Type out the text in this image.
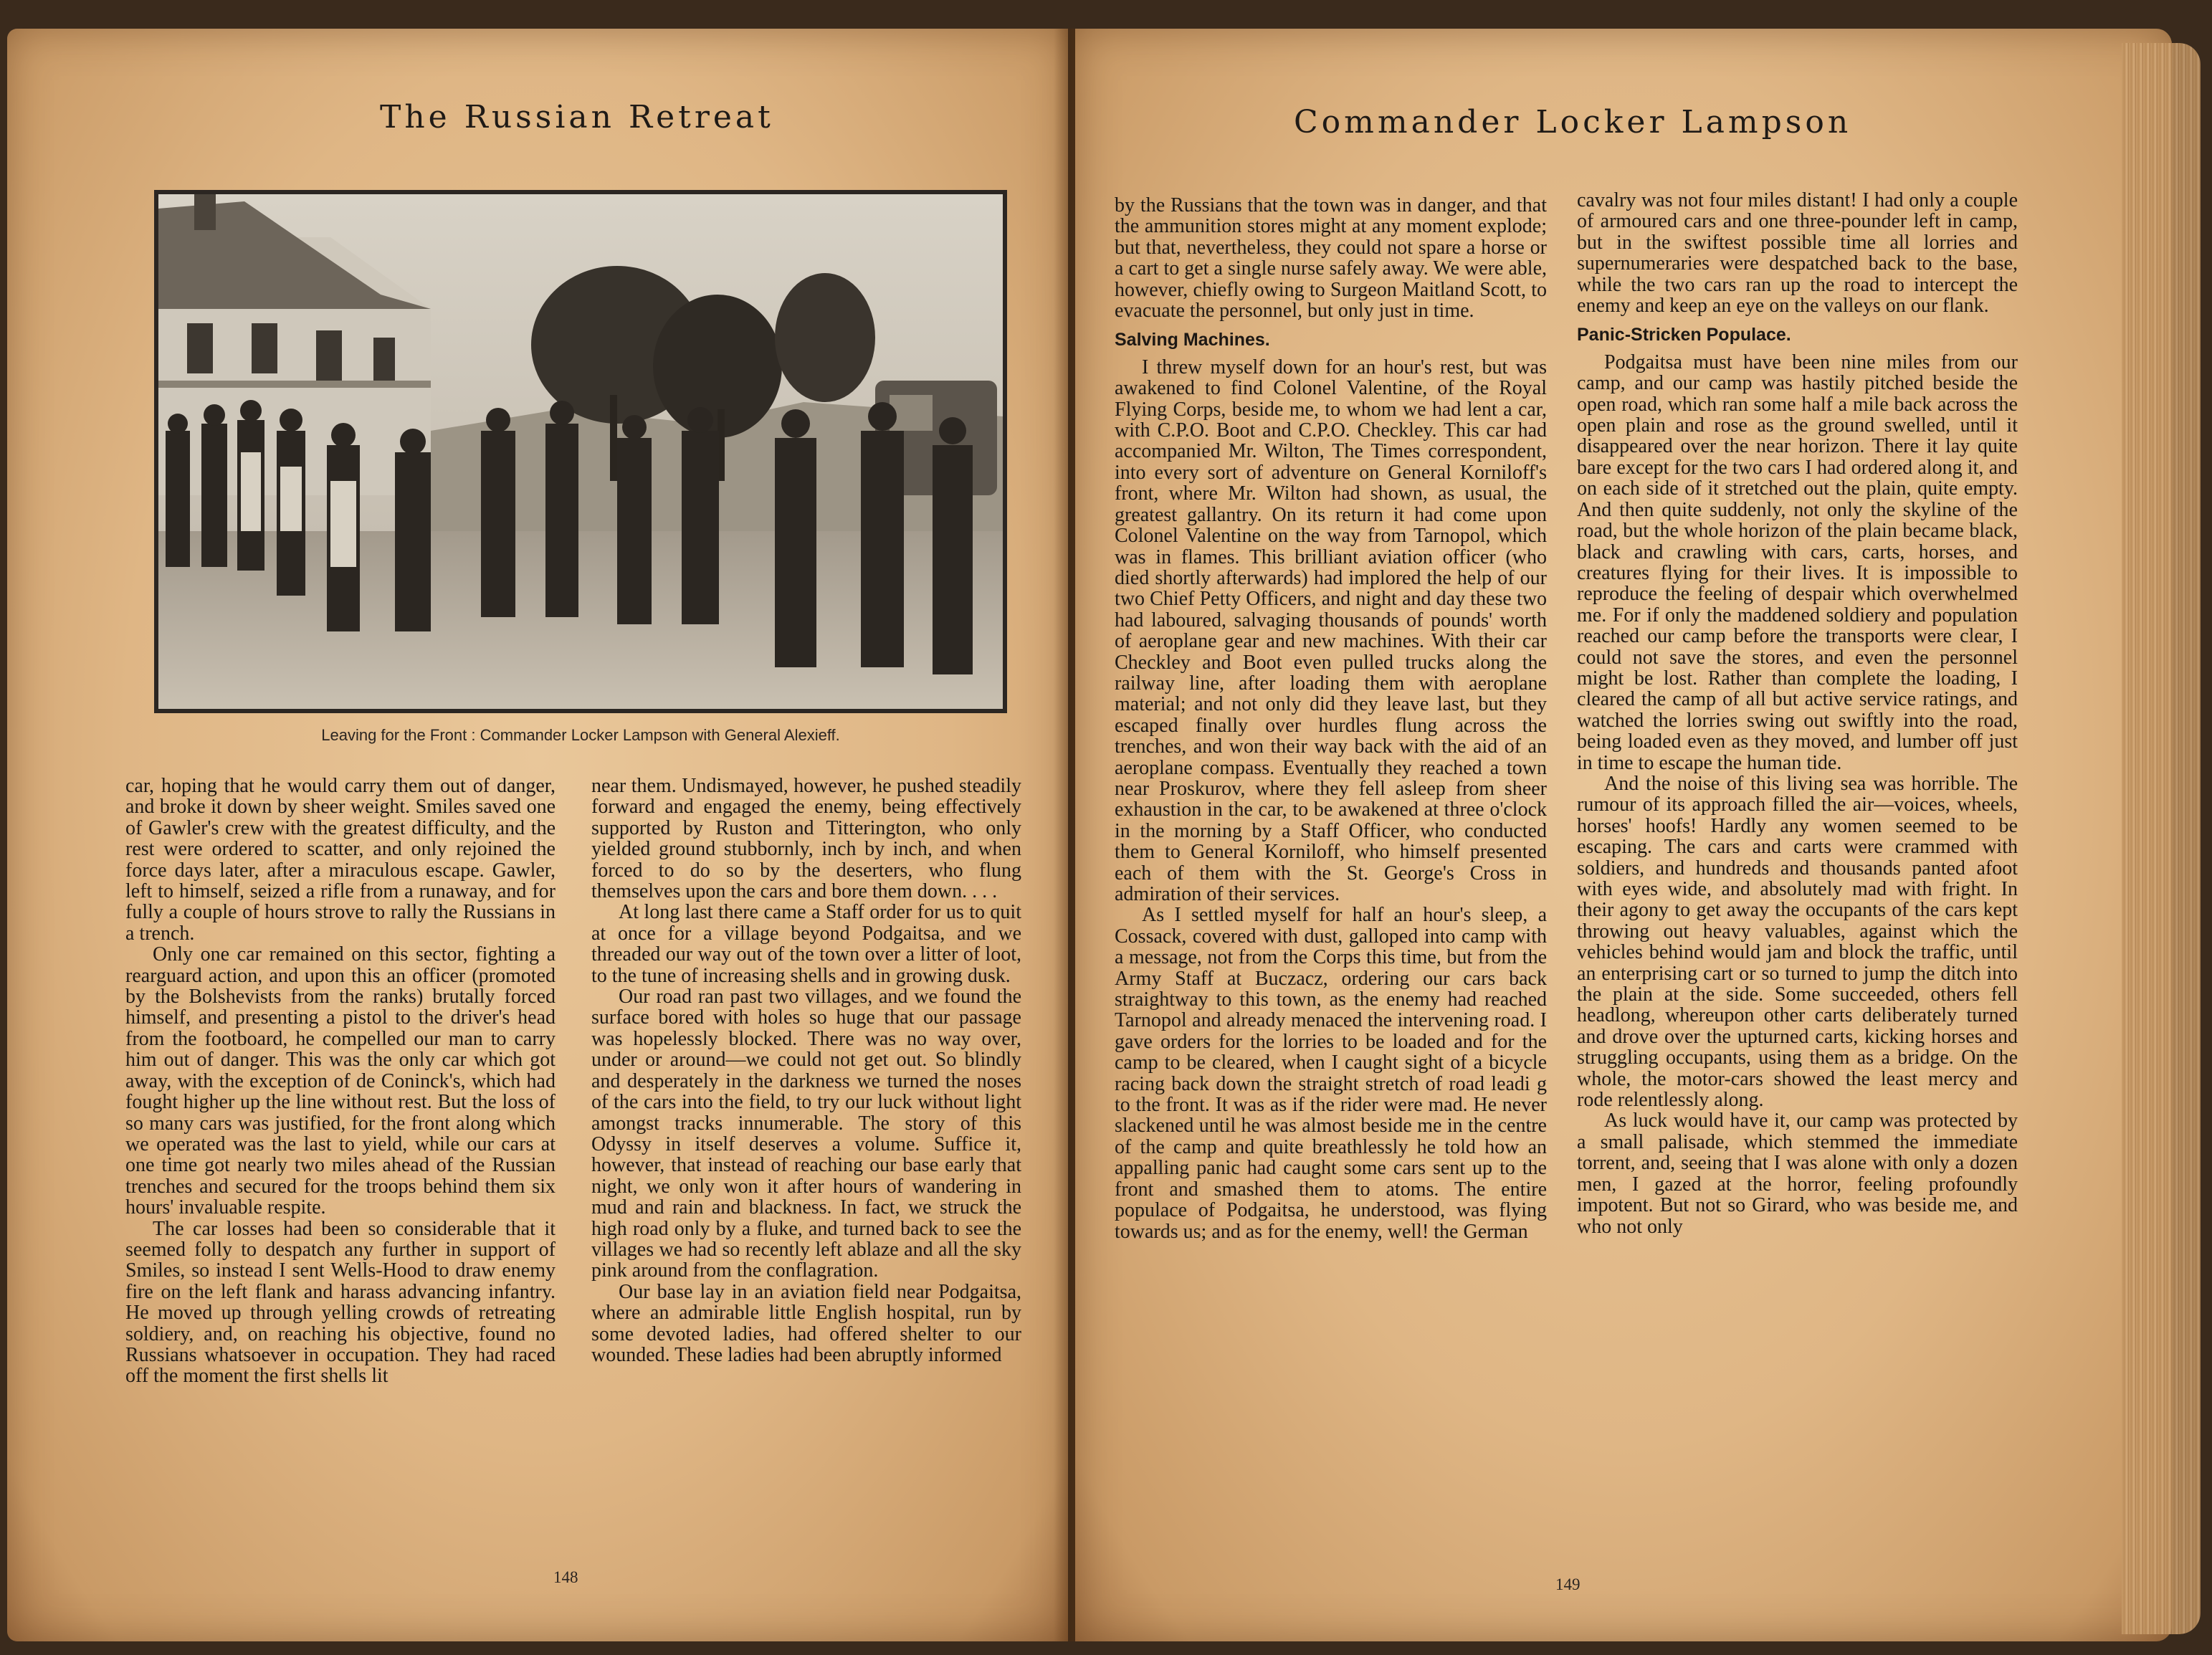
The Russian Retreat
Leaving for the Front : Commander Locker Lampson with General Alexieff.

car, hoping that he would carry them out of danger, and broke it down by sheer weight. Smiles saved one of Gawler's crew with the greatest difficulty, and the rest were ordered to scatter, and only rejoined the force days later, after a miraculous escape. Gawler, left to himself, seized a rifle from a runaway, and for fully a couple of hours strove to rally the Russians in a trench.

Only one car remained on this sector, fighting a rearguard action, and upon this an officer (promoted by the Bolshevists from the ranks) brutally forced himself, and presenting a pistol to the driver's head from the footboard, he compelled our man to carry him out of danger. This was the only car which got away, with the exception of de Coninck's, which had fought higher up the line without rest. But the loss of so many cars was justified, for the front along which we operated was the last to yield, while our cars at one time got nearly two miles ahead of the Russian trenches and secured for the troops behind them six hours' invaluable respite.

The car losses had been so considerable that it seemed folly to despatch any further in support of Smiles, so instead I sent Wells-Hood to draw enemy fire on the left flank and harass advancing infantry. He moved up through yelling crowds of retreating soldiery, and, on reaching his objective, found no Russians whatsoever in occupation. They had raced off the moment the first shells lit

near them. Undismayed, however, he pushed steadily forward and engaged the enemy, being effectively supported by Ruston and Titterington, who only yielded ground stubbornly, inch by inch, and when forced to do so by the deserters, who flung themselves upon the cars and bore them down. . . .

At long last there came a Staff order for us to quit at once for a village beyond Podgaitsa, and we threaded our way out of the town over a litter of loot, to the tune of increasing shells and in growing dusk.

Our road ran past two villages, and we found the surface bored with holes so huge that our passage was hopelessly blocked. There was no way over, under or around—we could not get out. So blindly and desperately in the darkness we turned the noses of the cars into the field, to try our luck without light amongst tracks innumerable. The story of this Odyssy in itself deserves a volume. Suffice it, however, that instead of reaching our base early that night, we only won it after hours of wandering in mud and rain and blackness. In fact, we struck the high road only by a fluke, and turned back to see the villages we had so recently left ablaze and all the sky pink around from the conflagration.

Our base lay in an aviation field near Podgaitsa, where an admirable little English hospital, run by some devoted ladies, had offered shelter to our wounded. These ladies had been abruptly informed

148
Commander Locker Lampson

by the Russians that the town was in danger, and that the ammunition stores might at any moment explode; but that, nevertheless, they could not spare a horse or a cart to get a single nurse safely away. We were able, however, chiefly owing to Surgeon Maitland Scott, to evacuate the personnel, but only just in time.

Salving Machines.

I threw myself down for an hour's rest, but was awakened to find Colonel Valentine, of the Royal Flying Corps, beside me, to whom we had lent a car, with C.P.O. Boot and C.P.O. Checkley. This car had accompanied Mr. Wilton, The Times correspondent, into every sort of adventure on General Korniloff's front, where Mr. Wilton had shown, as usual, the greatest gallantry. On its return it had come upon Colonel Valentine on the way from Tarnopol, which was in flames. This brilliant aviation officer (who died shortly afterwards) had implored the help of our two Chief Petty Officers, and night and day these two had laboured, salvaging thousands of pounds' worth of aeroplane gear and new machines. With their car Checkley and Boot even pulled trucks along the railway line, after loading them with aeroplane material; and not only did they leave last, but they escaped finally over hurdles flung across the trenches, and won their way back with the aid of an aeroplane compass. Eventually they reached a town near Proskurov, where they fell asleep from sheer exhaustion in the car, to be awakened at three o'clock in the morning by a Staff Officer, who conducted them to General Korniloff, who himself presented each of them with the St. George's Cross in admiration of their services.

As I settled myself for half an hour's sleep, a Cossack, covered with dust, galloped into camp with a message, not from the Corps this time, but from the Army Staff at Buczacz, ordering our cars back straightway to this town, as the enemy had reached Tarnopol and already menaced the intervening road. I gave orders for the lorries to be loaded and for the camp to be cleared, when I caught sight of a bicycle racing back down the straight stretch of road leadi g to the front. It was as if the rider were mad. He never slackened until he was almost beside me in the centre of the camp and quite breathlessly he told how an appalling panic had caught some cars sent up to the front and smashed them to atoms. The entire populace of Podgaitsa, he understood, was flying towards us; and as for the enemy, well! the German

cavalry was not four miles distant! I had only a couple of armoured cars and one three-pounder left in camp, but in the swiftest possible time all lorries and supernumeraries were despatched back to the base, while the two cars ran up the road to intercept the enemy and keep an eye on the valleys on our flank.

Panic-Stricken Populace.

Podgaitsa must have been nine miles from our camp, and our camp was hastily pitched beside the open road, which ran some half a mile back across the open plain and rose as the ground swelled, until it disappeared over the near horizon. There it lay quite bare except for the two cars I had ordered along it, and on each side of it stretched out the plain, quite empty. And then quite suddenly, not only the skyline of the road, but the whole horizon of the plain became black, black and crawling with cars, carts, horses, and creatures flying for their lives. It is impossible to reproduce the feeling of despair which overwhelmed me. For if only the maddened soldiery and population reached our camp before the transports were clear, I could not save the stores, and even the personnel might be lost. Rather than complete the loading, I cleared the camp of all but active service ratings, and watched the lorries swing out swiftly into the road, being loaded even as they moved, and lumber off just in time to escape the human tide.

And the noise of this living sea was horrible. The rumour of its approach filled the air—voices, wheels, horses' hoofs! Hardly any women seemed to be escaping. The cars and carts were crammed with soldiers, and hundreds and thousands panted afoot with eyes wide, and absolutely mad with fright. In their agony to get away the occupants of the cars kept throwing out heavy valuables, against which the vehicles behind would jam and block the traffic, until an enterprising cart or so turned to jump the ditch into the plain at the side. Some succeeded, others fell headlong, whereupon other carts deliberately turned and drove over the upturned carts, kicking horses and struggling occupants, using them as a bridge. On the whole, the motor-cars showed the least mercy and rode relentlessly along.

As luck would have it, our camp was protected by a small palisade, which stemmed the immediate torrent, and, seeing that I was alone with only a dozen men, I gazed at the horror, feeling profoundly impotent. But not so Girard, who was beside me, and who not only

149
